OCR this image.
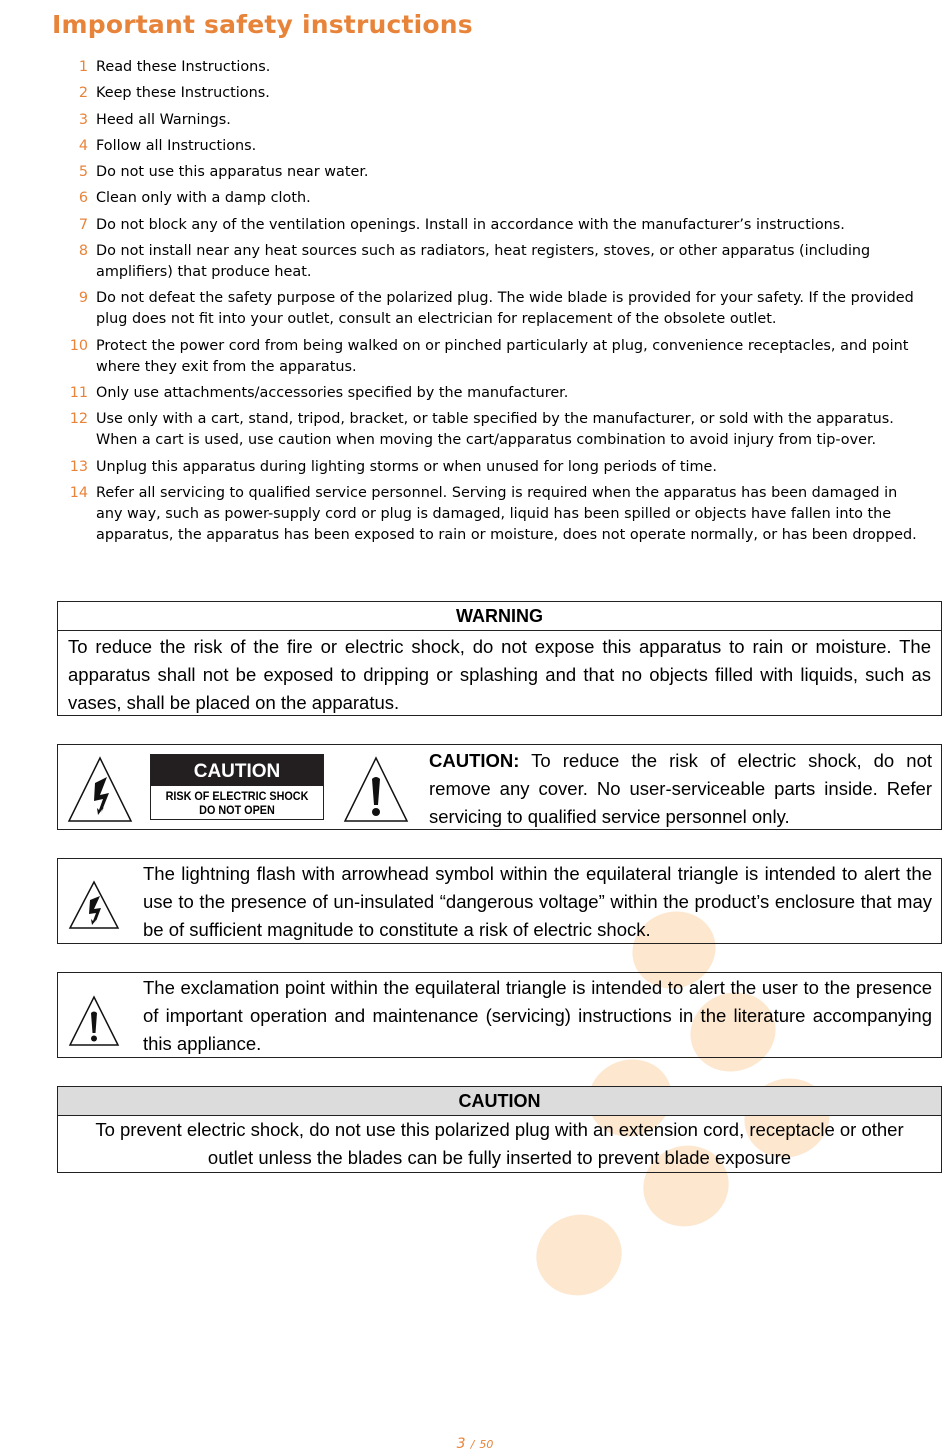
Important safety instructions
1 Read these Instructions.
2 Keep these Instructions.
3 Heed all Warnings.
4 Follow all Instructions.
5 Do not use this apparatus near water.
6 Clean only with a damp cloth.
7 Do not block any of the ventilation openings. Install in accordance with the manufacturer’s instructions.
8 Do not install near any heat sources such as radiators, heat registers, stoves, or other apparatus (including amplifiers) that produce heat.
9 Do not defeat the safety purpose of the polarized plug. The wide blade is provided for your safety. If the provided plug does not fit into your outlet, consult an electrician for replacement of the obsolete outlet.
10 Protect the power cord from being walked on or pinched particularly at plug, convenience receptacles, and point where they exit from the apparatus.
11 Only use attachments/accessories specified by the manufacturer.
12 Use only with a cart, stand, tripod, bracket, or table specified by the manufacturer, or sold with the apparatus. When a cart is used, use caution when moving the cart/apparatus combination to avoid injury from tip-over.
13 Unplug this apparatus during lighting storms or when unused for long periods of time.
14 Refer all servicing to qualified service personnel. Serving is required when the apparatus has been damaged in any way, such as power-supply cord or plug is damaged, liquid has been spilled or objects have fallen into the apparatus, the apparatus has been exposed to rain or moisture, does not operate normally, or has been dropped.
WARNING
To reduce the risk of the fire or electric shock, do not expose this apparatus to rain or moisture. The apparatus shall not be exposed to dripping or splashing and that no objects filled with liquids, such as vases, shall be placed on the apparatus.
CAUTION
RISK OF ELECTRIC SHOCK
DO NOT OPEN
CAUTION: To reduce the risk of electric shock, do not remove any cover. No user-serviceable parts inside. Refer servicing to qualified service personnel only.
The lightning flash with arrowhead symbol within the equilateral triangle is intended to alert the use to the presence of un-insulated “dangerous voltage” within the product’s enclosure that may be of sufficient magnitude to constitute a risk of electric shock.
The exclamation point within the equilateral triangle is intended to alert the user to the presence of important operation and maintenance (servicing) instructions in the literature accompanying this appliance.
CAUTION
To prevent electric shock, do not use this polarized plug with an extension cord, receptacle or other outlet unless the blades can be fully inserted to prevent blade exposure
3 / 50
